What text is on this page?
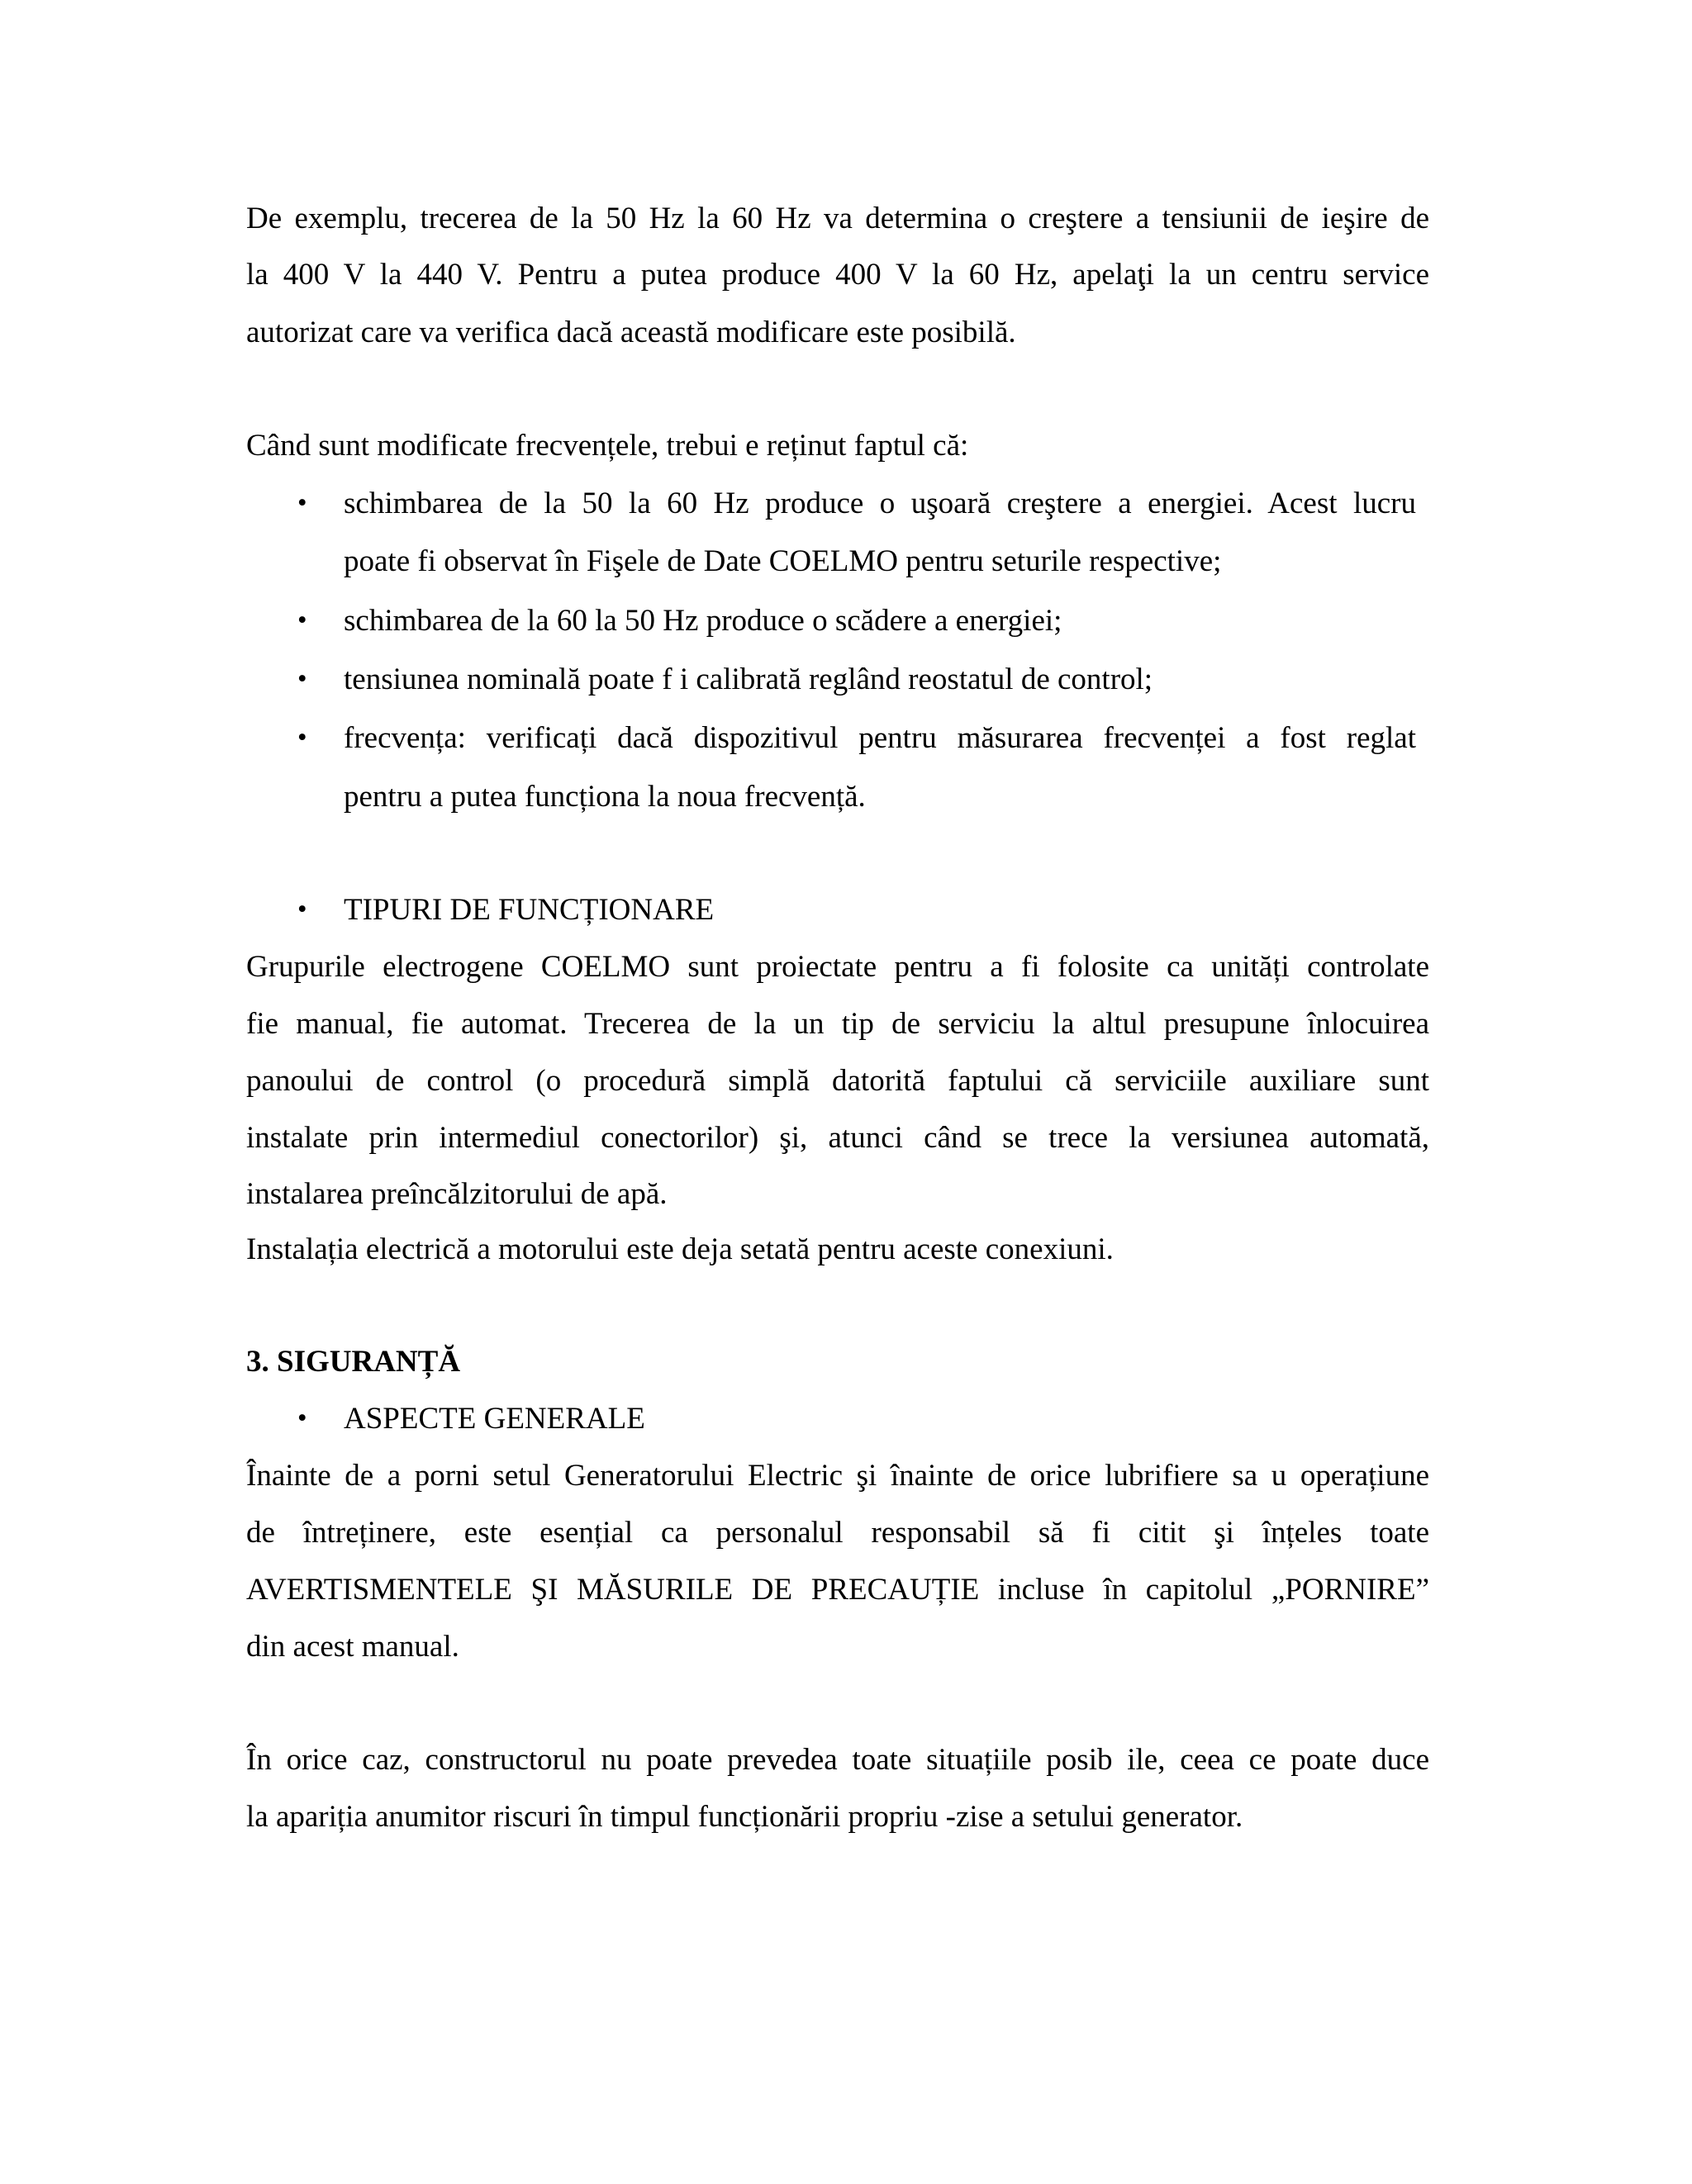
De exemplu, trecerea de la 50 Hz la 60 Hz va determina o creştere a tensiunii de ieşire de
la 400 V la 440 V. Pentru a putea produce 400 V la 60 Hz, apelaţi la un centru service
autorizat care va verifica dacă această modificare este posibilă.
Când sunt modificate frecvențele, trebui e reținut faptul că:
• schimbarea de la 50 la 60 Hz produce o uşoară creştere a energiei. Acest lucru
poate fi observat în Fişele de Date COELMO pentru seturile respective;
• schimbarea de la 60 la 50 Hz produce o scădere a energiei;
• tensiunea nominală poate f i calibrată reglând reostatul de control;
• frecvența: verificați dacă dispozitivul pentru măsurarea frecvenței a fost reglat
pentru a putea funcționa la noua frecvență.
• TIPURI DE FUNCȚIONARE
Grupurile electrogene COELMO sunt proiectate pentru a fi folosite ca unități controlate
fie manual, fie automat. Trecerea de la un tip de serviciu la altul presupune înlocuirea
panoului de control (o procedură simplă datorită faptului că serviciile auxiliare sunt
instalate prin intermediul conectorilor) şi, atunci când se trece la versiunea automată,
instalarea preîncălzitorului de apă.
Instalația electrică a motorului este deja setată pentru aceste conexiuni.
3. SIGURANȚĂ
• ASPECTE GENERALE
Înainte de a porni setul Generatorului Electric şi înainte de orice lubrifiere sa u operațiune
de întreținere, este esențial ca personalul responsabil să fi citit şi înțeles toate
AVERTISMENTELE ŞI MĂSURILE DE PRECAUȚIE incluse în capitolul „PORNIRE”
din acest manual.
În orice caz, constructorul nu poate prevedea toate situațiile posib ile, ceea ce poate duce
la apariția anumitor riscuri în timpul funcționării propriu -zise a setului generator.
